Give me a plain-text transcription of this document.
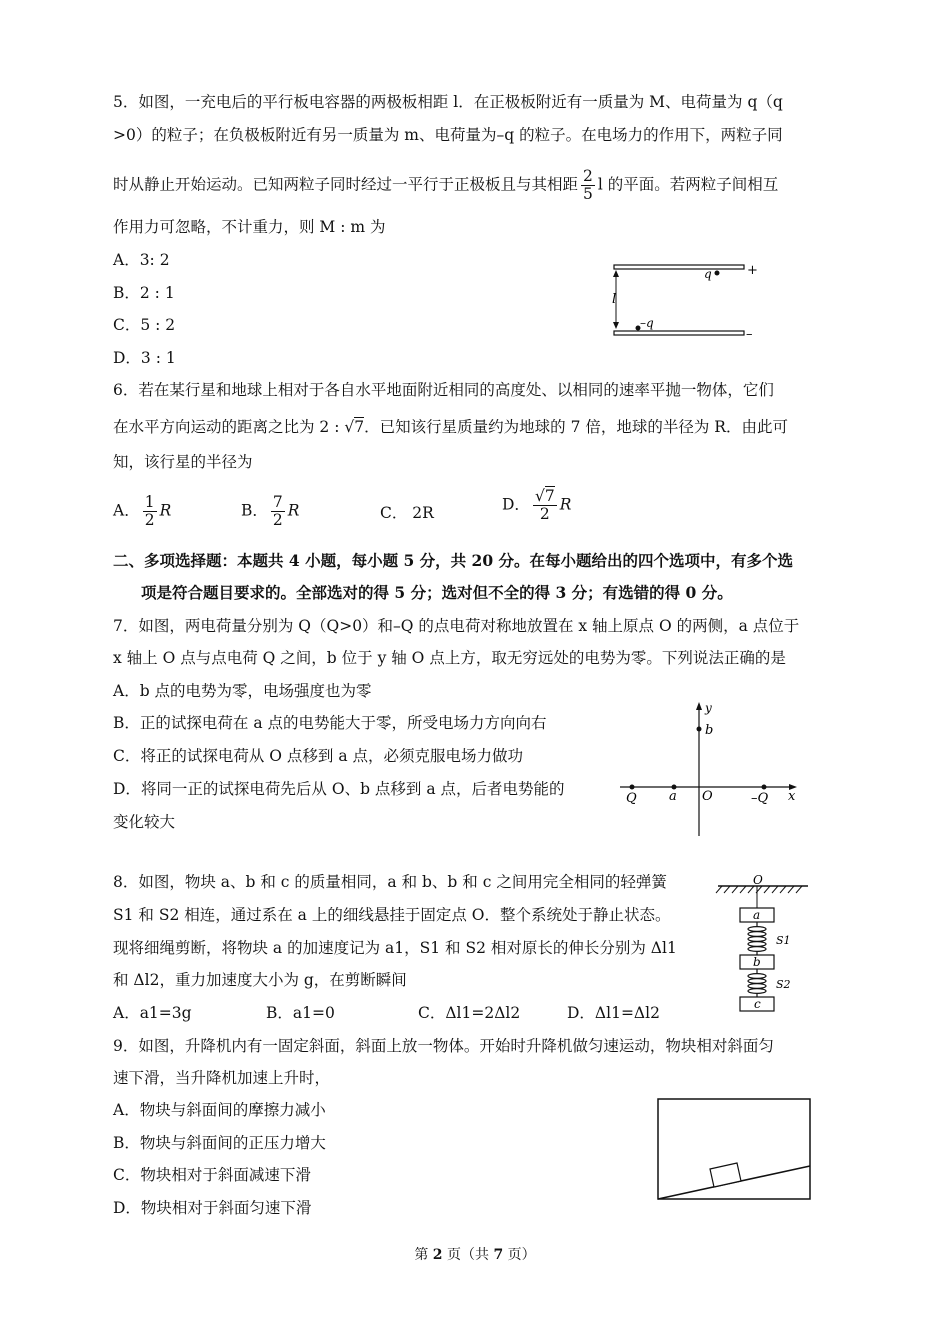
5．如图，一充电后的平行板电容器的两极板相距 l．在正极板附近有一质量为 M、电荷量为 q（q
>0）的粒子；在负极板附近有另一质量为 m、电荷量为–q 的粒子。在电场力的作用下，两粒子同
时从静止开始运动。已知两粒子同时经过一平行于正极板且与其相距 $\frac{2}{5}$ l 的平面。若两粒子间相互
作用力可忽略，不计重力，则 M : m 为
A．3: 2
B．2 : 1
C．5 : 2
D．3 : 1
q	+
l
–q
–
6．若在某行星和地球上相对于各自水平地面附近相同的高度处、以相同的速率平抛一物体，它们
在水平方向运动的距离之比为 2 : √7．已知该行星质量约为地球的 7 倍，地球的半径为 R．由此可
知，该行星的半径为
A． $\frac{1}{2}$ R	B． $\frac{7}{2}$ R	C． 2R	D． $\frac{√7}{2}$ R
二、多项选择题：本题共 4 小题，每小题 5 分，共 20 分。在每小题给出的四个选项中，有多个选
项是符合题目要求的。全部选对的得 5 分；选对但不全的得 3 分；有选错的得 0 分。
7．如图，两电荷量分别为 Q（Q>0）和–Q 的点电荷对称地放置在 x 轴上原点 O 的两侧，a 点位于
x 轴上 O 点与点电荷 Q 之间，b 位于 y 轴 O 点上方，取无穷远处的电势为零。下列说法正确的是
A．b 点的电势为零，电场强度也为零
B．正的试探电荷在 a 点的电势能大于零，所受电场力方向向右
C．将正的试探电荷从 O 点移到 a 点，必须克服电场力做功
D．将同一正的试探电荷先后从 O、b 点移到 a 点，后者电势能的
变化较大
y
b
Q a O	–Q x
8．如图，物块 a、b 和 c 的质量相同，a 和 b、b 和 c 之间用完全相同的轻弹簧
S1 和 S2 相连，通过系在 a 上的细线悬挂于固定点 O．整个系统处于静止状态。
现将细绳剪断，将物块 a 的加速度记为 a1，S1 和 S2 相对原长的伸长分别为 Δl1
和 Δl2，重力加速度大小为 g，在剪断瞬间
A．a1=3g	B．a1=0	C．Δl1=2Δl2	D．Δl1=Δl2
O
a
S1
b
S2
c
9．如图，升降机内有一固定斜面，斜面上放一物体。开始时升降机做匀速运动，物块相对斜面匀
速下滑，当升降机加速上升时，
A．物块与斜面间的摩擦力减小
B．物块与斜面间的正压力增大
C．物块相对于斜面减速下滑
D．物块相对于斜面匀速下滑
第 2 页（共 7 页）
